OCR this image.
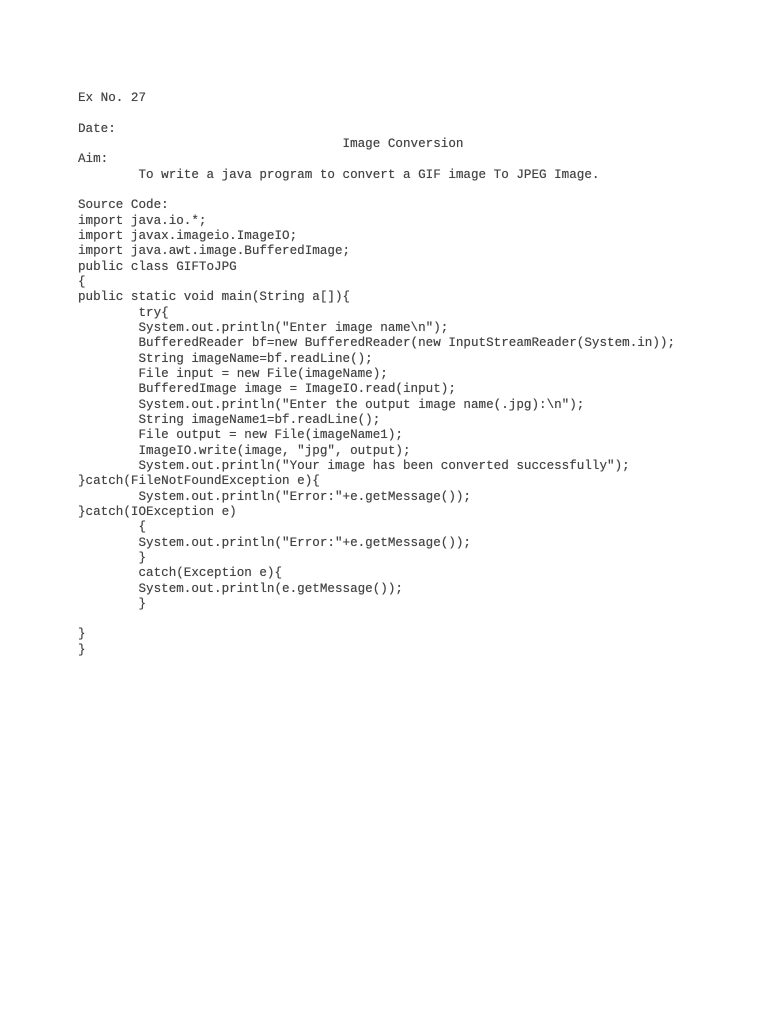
Ex No. 27

Date:
Image Conversion
Aim:
To write a java program to convert a GIF image To JPEG Image.

Source Code:
import java.io.*;
import javax.imageio.ImageIO;
import java.awt.image.BufferedImage;
public class GIFToJPG
{
public static void main(String a[]){
try{
System.out.println("Enter image name\n");
BufferedReader bf=new BufferedReader(new InputStreamReader(System.in));
String imageName=bf.readLine();
File input = new File(imageName);
BufferedImage image = ImageIO.read(input);
System.out.println("Enter the output image name(.jpg):\n");
String imageName1=bf.readLine();
File output = new File(imageName1);
ImageIO.write(image, "jpg", output);
System.out.println("Your image has been converted successfully");
}catch(FileNotFoundException e){
System.out.println("Error:"+e.getMessage());
}catch(IOException e)
{
System.out.println("Error:"+e.getMessage());
}
catch(Exception e){
System.out.println(e.getMessage());
}

}
}
